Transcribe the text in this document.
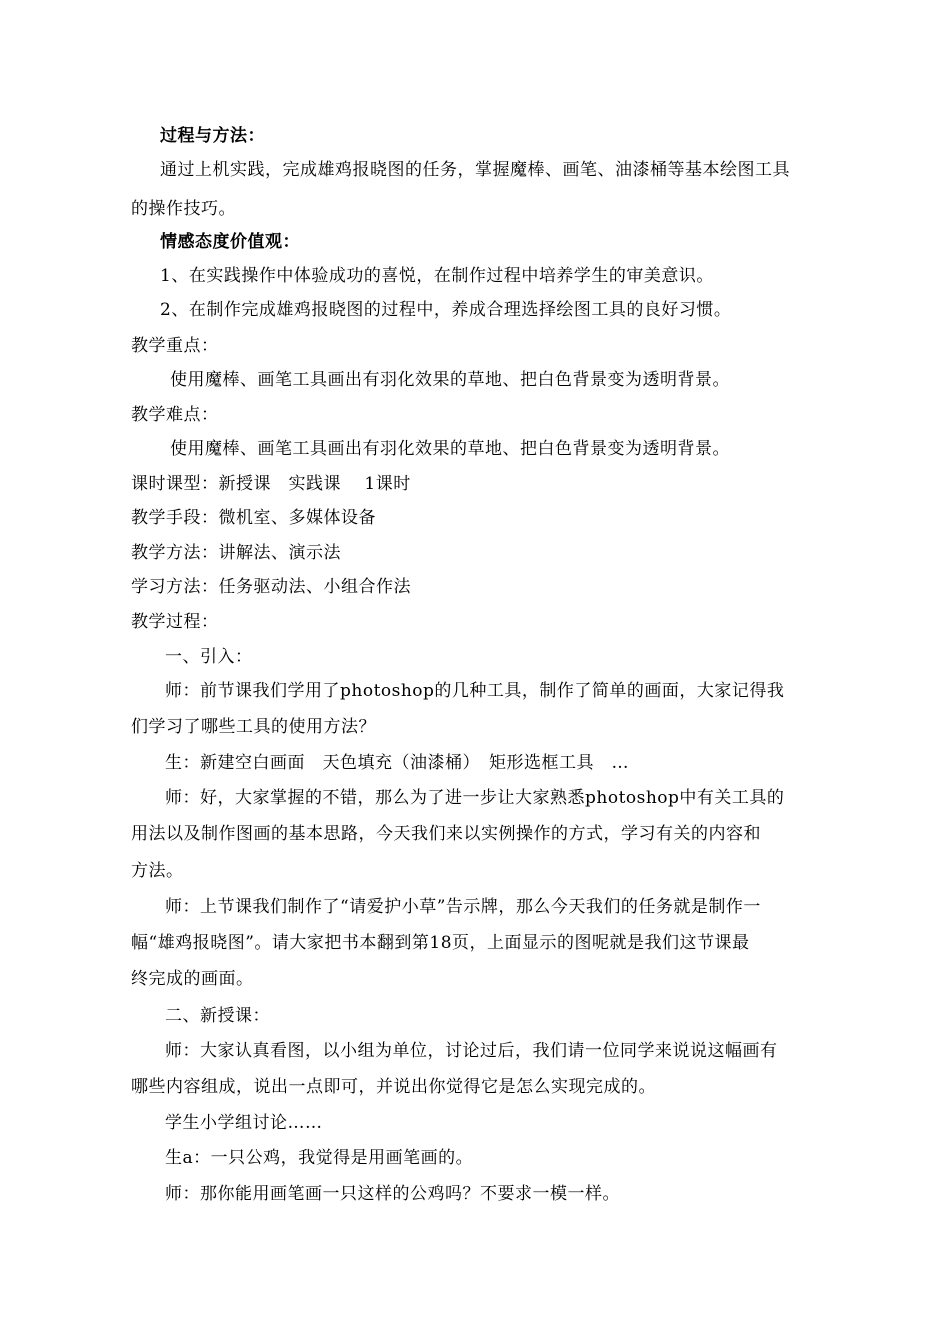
过程与方法：
通过上机实践，完成雄鸡报晓图的任务，掌握魔棒、画笔、油漆桶等基本绘图工具
的操作技巧。
情感态度价值观：
1、在实践操作中体验成功的喜悦，在制作过程中培养学生的审美意识。
2、在制作完成雄鸡报晓图的过程中，养成合理选择绘图工具的良好习惯。
教学重点：
使用魔棒、画笔工具画出有羽化效果的草地、把白色背景变为透明背景。
教学难点：
使用魔棒、画笔工具画出有羽化效果的草地、把白色背景变为透明背景。
课时课型：新授课　实践课　 1课时
教学手段：微机室、多媒体设备
教学方法：讲解法、演示法
学习方法：任务驱动法、小组合作法
教学过程：
一、引入：
师：前节课我们学用了photoshop的几种工具，制作了简单的画面，大家记得我
们学习了哪些工具的使用方法？
生：新建空白画面　天色填充（油漆桶）　矩形选框工具　…
师：好，大家掌握的不错，那么为了进一步让大家熟悉photoshop中有关工具的
用法以及制作图画的基本思路，今天我们来以实例操作的方式，学习有关的内容和
方法。
师：上节课我们制作了“请爱护小草”告示牌，那么今天我们的任务就是制作一
幅“雄鸡报晓图”。请大家把书本翻到第18页，上面显示的图呢就是我们这节课最
终完成的画面。
二、新授课：
师：大家认真看图，以小组为单位，讨论过后，我们请一位同学来说说这幅画有
哪些内容组成，说出一点即可，并说出你觉得它是怎么实现完成的。
学生小学组讨论……
生a：一只公鸡，我觉得是用画笔画的。
师：那你能用画笔画一只这样的公鸡吗？不要求一模一样。
